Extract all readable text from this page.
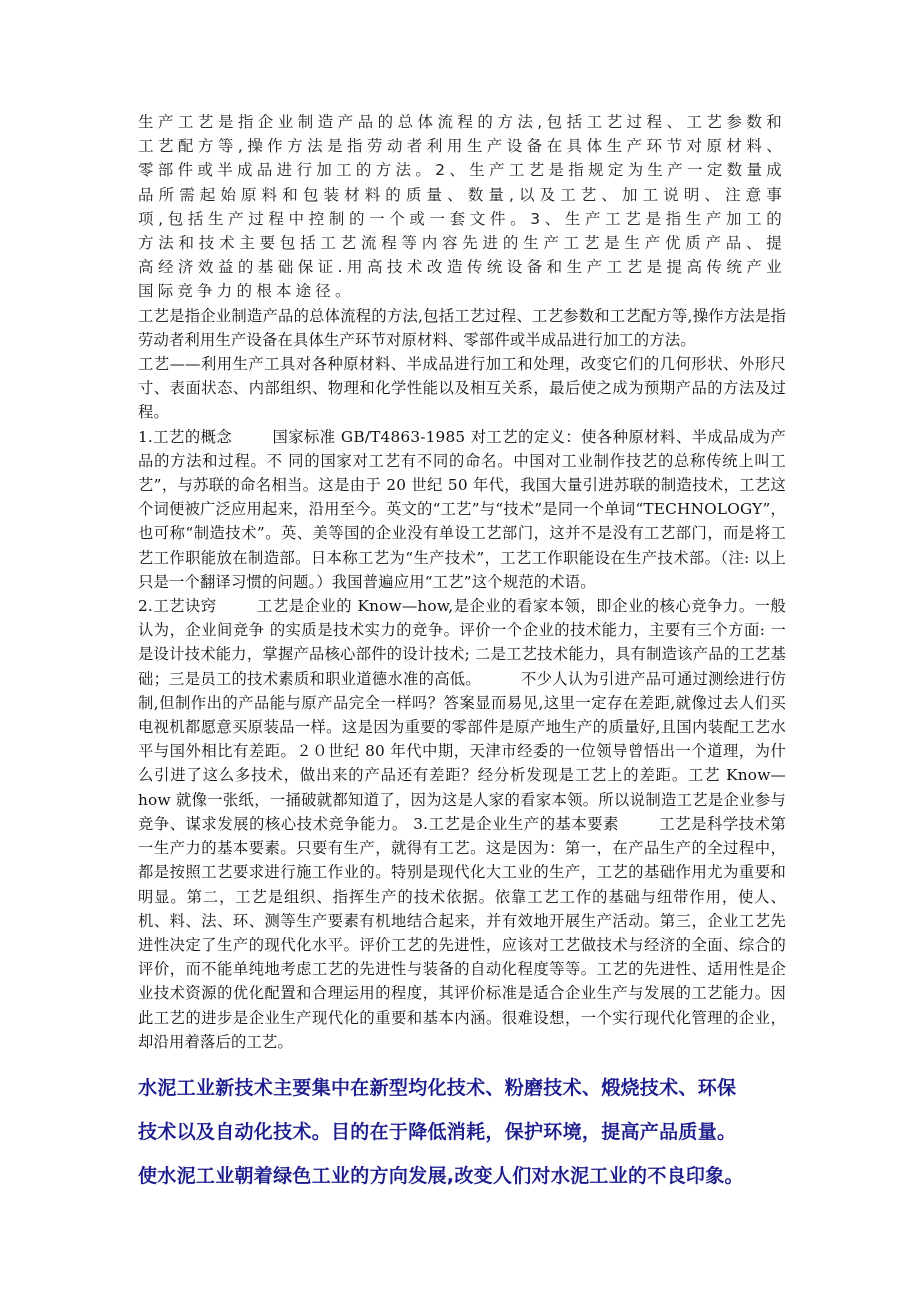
生产工艺是指企业制造产品的总体流程的方法,包括工艺过程、工艺参数和工艺配方等,操作方法是指劳动者利用生产设备在具体生产环节对原材料、零部件或半成品进行加工的方法。2、生产工艺是指规定为生产一定数量成品所需起始原料和包装材料的质量、数量,以及工艺、加工说明、注意事项,包括生产过程中控制的一个或一套文件。3、生产工艺是指生产加工的方法和技术主要包括工艺流程等内容先进的生产工艺是生产优质产品、提高经济效益的基础保证.用高技术改造传统设备和生产工艺是提高传统产业国际竞争力的根本途径。

工艺是指企业制造产品的总体流程的方法,包括工艺过程、工艺参数和工艺配方等,操作方法是指劳动者利用生产设备在具体生产环节对原材料、零部件或半成品进行加工的方法。

工艺——利用生产工具对各种原材料、半成品进行加工和处理，改变它们的几何形状、外形尺寸、表面状态、内部组织、物理和化学性能以及相互关系，最后使之成为预期产品的方法及过程。

1.工艺的概念	国家标准 GB/T4863-1985 对工艺的定义：使各种原材料、半成品成为产品的方法和过程。不 同的国家对工艺有不同的命名。中国对工业制作技艺的总称传统上叫工艺”，与苏联的命名相当。这是由于 20 世纪 50 年代，我国大量引进苏联的制造技术，工艺这个词便被广泛应用起来，沿用至今。英文的“工艺”与“技术”是同一个单词“TECHNOLOGY”，也可称“制造技术”。英、美等国的企业没有单设工艺部门，这并不是没有工艺部门，而是将工艺工作职能放在制造部。日本称工艺为“生产技术”，工艺工作职能设在生产技术部。（注: 以上只是一个翻译习惯的问题。）我国普遍应用“工艺”这个规范的术语。

2.工艺诀窍	工艺是企业的 Know—how,是企业的看家本领，即企业的核心竞争力。一般认为，企业间竞争 的实质是技术实力的竞争。评价一个企业的技术能力，主要有三个方面: 一是设计技术能力，掌握产品核心部件的设计技术; 二是工艺技术能力，具有制造该产品的工艺基础；三是员工的技术素质和职业道德水准的高低。	不少人认为引进产品可通过测绘进行仿制,但制作出的产品能与原产品完全一样吗？答案显而易见,这里一定存在差距,就像过去人们买电视机都愿意买原装品一样。这是因为重要的零部件是原产地生产的质量好,且国内装配工艺水平与国外相比有差距。２０世纪 80 年代中期，天津市经委的一位领导曾悟出一个道理，为什么引进了这么多技术，做出来的产品还有差距？经分析发现是工艺上的差距。工艺 Know—how 就像一张纸，一捅破就都知道了，因为这是人家的看家本领。所以说制造工艺是企业参与竞争、谋求发展的核心技术竞争能力。 3.工艺是企业生产的基本要素	工艺是科学技术第一生产力的基本要素。只要有生产，就得有工艺。这是因为：第一，在产品生产的全过程中，都是按照工艺要求进行施工作业的。特别是现代化大工业的生产，工艺的基础作用尤为重要和明显。第二，工艺是组织、指挥生产的技术依据。依靠工艺工作的基础与纽带作用，使人、机、料、法、环、测等生产要素有机地结合起来，并有效地开展生产活动。第三，企业工艺先进性决定了生产的现代化水平。评价工艺的先进性，应该对工艺做技术与经济的全面、综合的评价，而不能单纯地考虑工艺的先进性与装备的自动化程度等等。工艺的先进性、适用性是企业技术资源的优化配置和合理运用的程度，其评价标准是适合企业生产与发展的工艺能力。因此工艺的进步是企业生产现代化的重要和基本内涵。很难设想，一个实行现代化管理的企业，却沿用着落后的工艺。

水泥工业新技术主要集中在新型均化技术、粉磨技术、煅烧技术、环保

技术以及自动化技术。目的在于降低消耗，保护环境，提高产品质量。

使水泥工业朝着绿色工业的方向发展,改变人们对水泥工业的不良印象。
